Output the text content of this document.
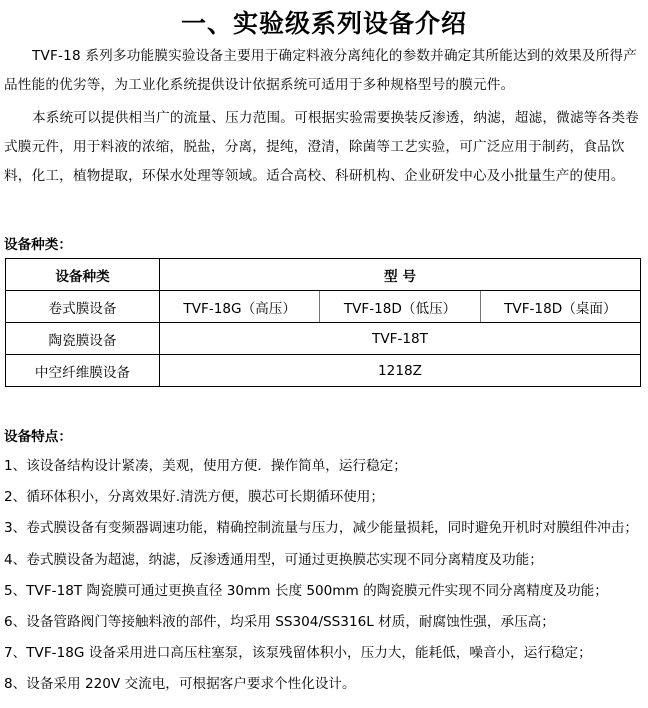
一、实验级系列设备介绍
TVF-18 系列多功能膜实验设备主要用于确定料液分离纯化的参数并确定其所能达到的效果及所得产品性能的优劣等，为工业化系统提供设计依据系统可适用于多种规格型号的膜元件。
本系统可以提供相当广的流量、压力范围。可根据实验需要换装反渗透，纳滤，超滤，微滤等各类卷式膜元件，用于料液的浓缩，脱盐，分离，提纯，澄清，除菌等工艺实验，可广泛应用于制药，食品饮料，化工，植物提取，环保水处理等领域。适合高校、科研机构、企业研发中心及小批量生产的使用。
设备种类：
设备种类	型 号		
卷式膜设备	TVF-18G（高压）	TVF-18D（低压）	TVF-18D（桌面）
陶瓷膜设备	TVF-18T		
中空纤维膜设备	1218Z		
设备特点：
1、该设备结构设计紧凑，美观，使用方便．操作简单，运行稳定；
2、循环体积小，分离效果好.清洗方便，膜芯可长期循环使用；
3、卷式膜设备有变频器调速功能，精确控制流量与压力，减少能量损耗，同时避免开机时对膜组件冲击；
4、卷式膜设备为超滤，纳滤，反渗透通用型，可通过更换膜芯实现不同分离精度及功能；
5、TVF-18T 陶瓷膜可通过更换直径 30mm 长度 500mm 的陶瓷膜元件实现不同分离精度及功能；
6、设备管路阀门等接触料液的部件，均采用 SS304/SS316L 材质，耐腐蚀性强，承压高；
7、TVF-18G 设备采用进口高压柱塞泵，该泵残留体积小，压力大，能耗低，噪音小，运行稳定；
8、设备采用 220V 交流电，可根据客户要求个性化设计。
